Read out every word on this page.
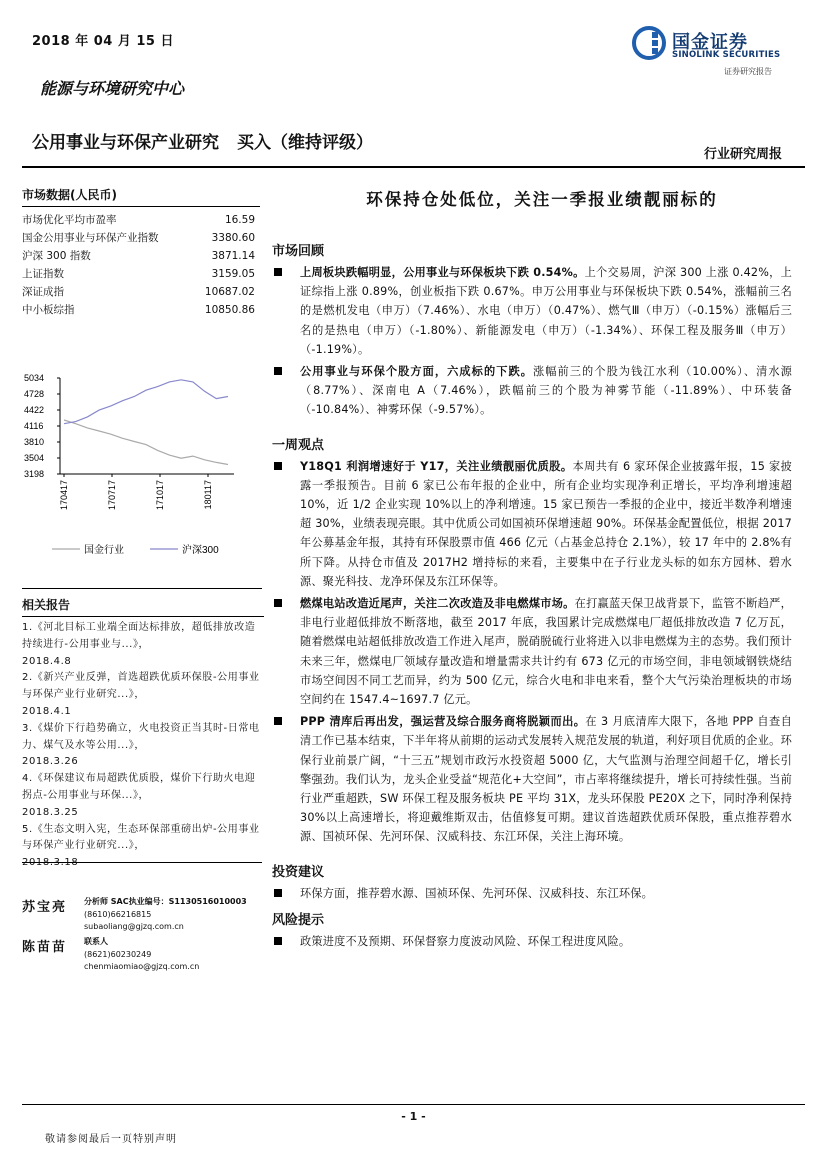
2018 年 04 月 15 日
能源与环境研究中心
国金证券
SINOLINK SECURITIES
证券研究报告
公用事业与环保产业研究 买入（维持评级）
行业研究周报
市场数据(人民币)
市场优化平均市盈率	16.59
国金公用事业与环保产业指数	3380.60
沪深 300 指数	3871.14
上证指数	3159.05
深证成指	10687.02
中小板综指	10850.86
5034
4728
4422
4116
3810
3504
3198
170417	170717	171017	180117
国金行业	沪深300
相关报告
1.《河北目标工业端全面达标排放，超低排放改造持续进行-公用事业与...》，
2018.4.8
2.《新兴产业反弹，首选超跌优质环保股-公用事业与环保产业行业研究...》，
2018.4.1
3.《煤价下行趋势确立，火电投资正当其时-日常电力、煤气及水等公用...》，
2018.3.26
4.《环保建议布局超跌优质股，煤价下行助火电迎拐点-公用事业与环保...》，
2018.3.25
5.《生态文明入宪，生态环保部重磅出炉-公用事业与环保产业行业研究...》，
苏宝亮 分析师 SAC执业编号：S1130516010003
(8610)66216815
subaoliang@gjzq.com.cn
陈苗苗 联系人
(8621)60230249
chenmiaomiao@gjzq.com.cn
环保持仓处低位，关注一季报业绩靓丽标的
市场回顾
上周板块跌幅明显，公用事业与环保板块下跌 0.54%。上个交易周，沪深 300 上涨 0.42%，上证综指上涨 0.89%，创业板指下跌 0.67%。申万公用事业与环保板块下跌 0.54%，涨幅前三名的是燃机发电（申万）（7.46%）、水电（申万）（0.47%）、燃气Ⅲ（申万）（-0.15%）涨幅后三名的是热电（申万）（-1.80%）、新能源发电（申万）（-1.34%）、环保工程及服务Ⅲ（申万）（-1.19%）。
公用事业与环保个股方面，六成标的下跌。涨幅前三的个股为钱江水利（10.00%）、清水源（8.77%）、深南电 A（7.46%），跌幅前三的个股为神雾节能（-11.89%）、中环装备（-10.84%）、神雾环保（-9.57%）。
一周观点
Y18Q1 利润增速好于 Y17，关注业绩靓丽优质股。本周共有 6 家环保企业披露年报，15 家披露一季报预告。目前 6 家已公布年报的企业中，所有企业均实现净利正增长，平均净利增速超 10%，近 1/2 企业实现 10%以上的净利增速。15 家已预告一季报的企业中，接近半数净利增速超 30%，业绩表现亮眼。其中优质公司如国祯环保增速超 90%。环保基金配置低位，根据 2017 年公募基金年报，其持有环保股票市值 466 亿元（占基金总持仓 2.1%），较 17 年中的 2.8%有所下降。从持仓市值及 2017H2 增持标的来看，主要集中在子行业龙头标的如东方园林、碧水源、聚光科技、龙净环保及东江环保等。
燃煤电站改造近尾声，关注二次改造及非电燃煤市场。在打赢蓝天保卫战背景下，监管不断趋严，非电行业超低排放不断落地，截至 2017 年底，我国累计完成燃煤电厂超低排放改造 7 亿万瓦，随着燃煤电站超低排放改造工作进入尾声，脱硝脱硫行业将进入以非电燃煤为主的态势。我们预计未来三年，燃煤电厂领域存量改造和增量需求共计约有 673 亿元的市场空间，非电领域钢铁烧结市场空间因不同工艺而异，约为 500 亿元，综合火电和非电来看，整个大气污染治理板块的市场空间约在 1547.4~1697.7 亿元。
PPP 清库后再出发，强运营及综合服务商将脱颖而出。在 3 月底清库大限下，各地 PPP 自查自清工作已基本结束，下半年将从前期的运动式发展转入规范发展的轨道，利好项目优质的企业。环保行业前景广阔，“十三五”规划市政污水投资超 5000 亿，大气监测与治理空间超千亿，增长引擎强劲。我们认为，龙头企业受益“规范化+大空间”，市占率将继续提升，增长可持续性强。当前行业严重超跌，SW 环保工程及服务板块 PE 平均 31X，龙头环保股 PE20X 之下，同时净利保持 30%以上高速增长，将迎戴维斯双击，估值修复可期。建议首选超跌优质环保股，重点推荐碧水源、国祯环保、先河环保、汉威科技、东江环保，关注上海环境。
投资建议
环保方面，推荐碧水源、国祯环保、先河环保、汉威科技、东江环保。
风险提示
政策进度不及预期、环保督察力度波动风险、环保工程进度风险。
- 1 -
敬请参阅最后一页特别声明
